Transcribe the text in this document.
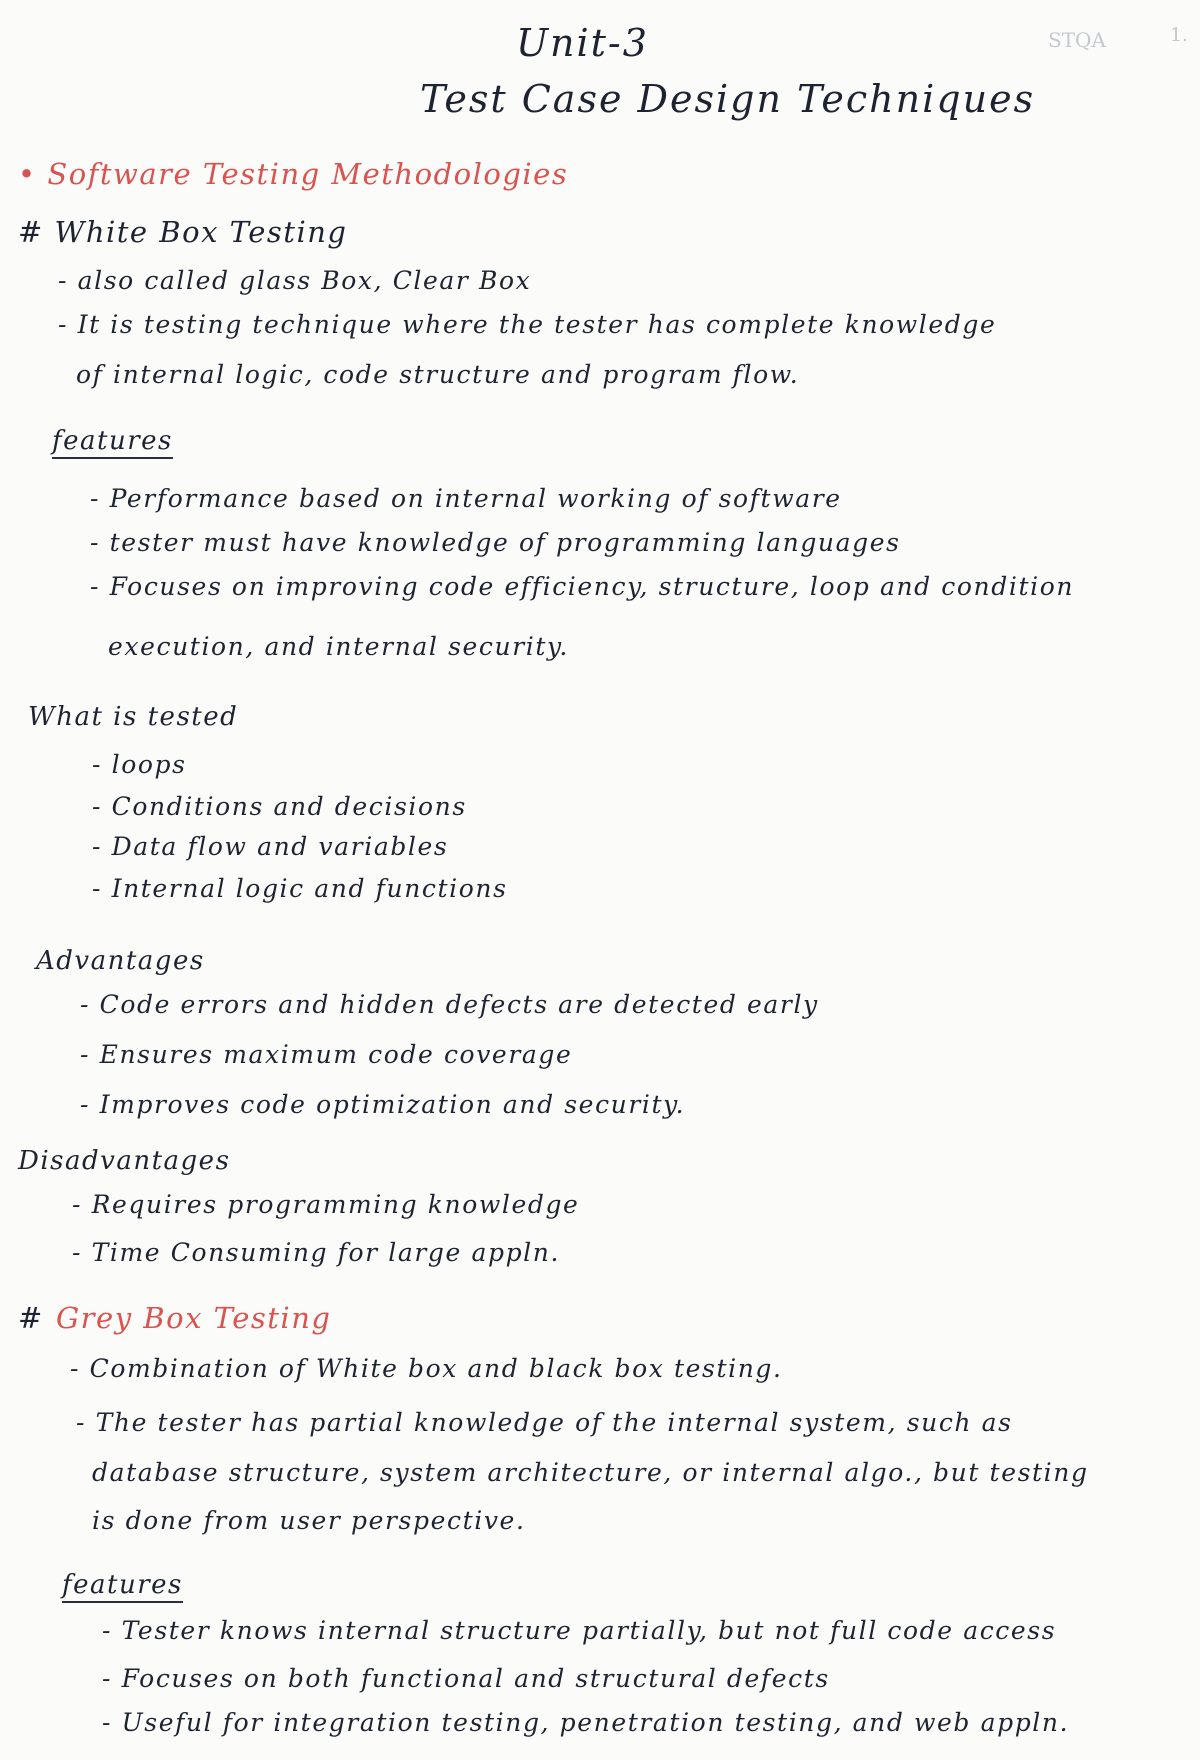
Unit-3
Test Case Design Techniques
STQA	1.
• Software Testing Methodologies
# White Box Testing
- also called glass Box, Clear Box
- It is testing technique where the tester has complete knowledge
of internal logic, code structure and program flow.
features
- Performance based on internal working of software
- tester must have knowledge of programming languages
- Focuses on improving code efficiency, structure, loop and condition
execution, and internal security.
What is tested
- loops
- Conditions and decisions
- Data flow and variables
- Internal logic and functions
Advantages
- Code errors and hidden defects are detected early
- Ensures maximum code coverage
- Improves code optimization and security.
Disadvantages
- Requires programming knowledge
- Time Consuming for large appln.
# Grey Box Testing
- Combination of White box and black box testing.
- The tester has partial knowledge of the internal system, such as
database structure, system architecture, or internal algo., but testing
is done from user perspective.
features
- Tester knows internal structure partially, but not full code access
- Focuses on both functional and structural defects
- Useful for integration testing, penetration testing, and web appln.
